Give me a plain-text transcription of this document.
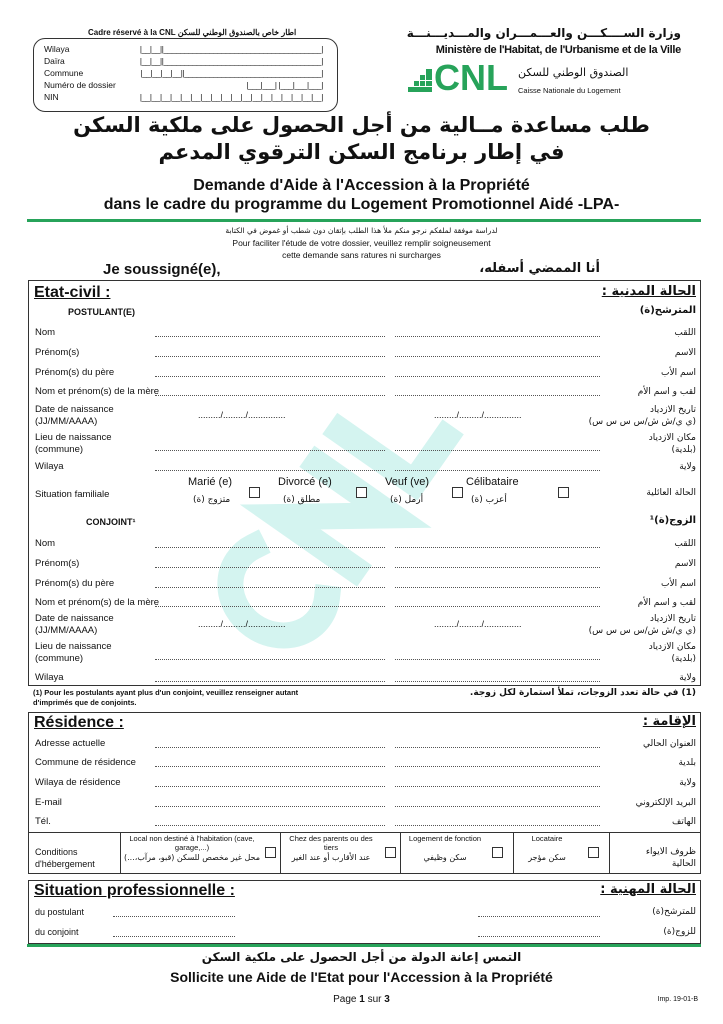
Cadre réservé à la CNL اطار خاص بالصندوق الوطني للسكن	وزارة الســــكـــن والعـــمـــران والمـــديـــنـــة
Ministère de l'Habitat, de l'Urbanisme et de la Ville
CNL الصندوق الوطني للسكن
Caisse Nationale du Logement
طلب مساعدة مــالية من أجل الحصول على ملكية السكن
في إطار برنامج السكن الترقوي المدعم
Demande d'Aide à l'Accession à la Propriété
dans le cadre du programme du Logement Promotionnel Aidé -LPA-
لدراسة موفقة لملفكم نرجو منكم ملأ هذا الطلب بإتقان دون شطب أو غموض في الكتابة
Pour faciliter l'étude de votre dossier, veuillez remplir soigneusement
cette demande sans ratures ni surcharges
Je soussigné(e),	أنا الممضي أسفله،
Etat-civil :	الحالة المدنية :
POSTULANT(E)	المترشح(ة)
CONJOINT¹	الزوج(ة)¹
(1) Pour les postulants ayant plus d'un conjoint, veuillez renseigner autant d'imprimés que de conjoints.
(1) في حالة تعدد الزوجات، تملأ استمارة لكل زوجة.
Résidence :	الإقامة :
Situation professionnelle :	الحالة المهنية :
التمس إعانة الدولة من أجل الحصول على ملكية السكن
Sollicite une Aide de l'Etat pour l'Accession à la Propriété
Page 1 sur 3	Imp. 19-01-B
Wilaya	|__|__||______________________________________|
Daïra	|__|__||______________________________________|
Commune	|__|__|__|__||_________________________________|
Numéro de dossier	|___|___| |___|___|___|
NIN	|__|__|__|__|__|__|__|__|__|__|__|__|__|__|__|__|__|__|
Nom	اللقب
Prénom(s)	الاسم
Prénom(s) du père	اسم الأب
Nom et prénom(s) de la mère	لقب و اسم الأم
Date de naissance
(JJ/MM/AAAA)
تاريخ الازدياد
(ي ي/ش ش/س س س س)
........./........./...............	........./........./...............
Lieu de naissance
(commune)
مكان الازدياد
(بلدية)
Wilaya	ولاية
Nom	اللقب
Prénom(s)	الاسم
Prénom(s) du père	اسم الأب
Nom et prénom(s) de la mère	لقب و اسم الأم
Date de naissance
(JJ/MM/AAAA)
تاريخ الازدياد
(ي ي/ش ش/س س س س)
........./........./...............	........./........./...............
Lieu de naissance
(commune)
مكان الازدياد
(بلدية)
Wilaya	ولاية
Situation familiale	الحالة العائلية
Marié (e)
متزوج (ة)
Divorcé (e)
مطلق (ة)
Veuf (ve)
أرمل (ة)
Célibataire
أعزب (ة)
Adresse actuelle	العنوان الحالي
Commune de résidence	بلدية
Wilaya de résidence	ولاية
E-mail	البريد الإلكتروني
Tél.	الهاتف
Conditions d'hébergement
ظروف الايواء الحالية
Local non destiné à l'habitation (cave, garage,...)
محل غير مخصص للسكن (قبو، مرآب،...)
Chez des parents ou des tiers
عند الأقارب أو عند الغير
Logement de fonction
سكن وظيفي
Locataire
سكن مؤجر
du postulant	للمترشح(ة)
du conjoint	للزوج(ة)
